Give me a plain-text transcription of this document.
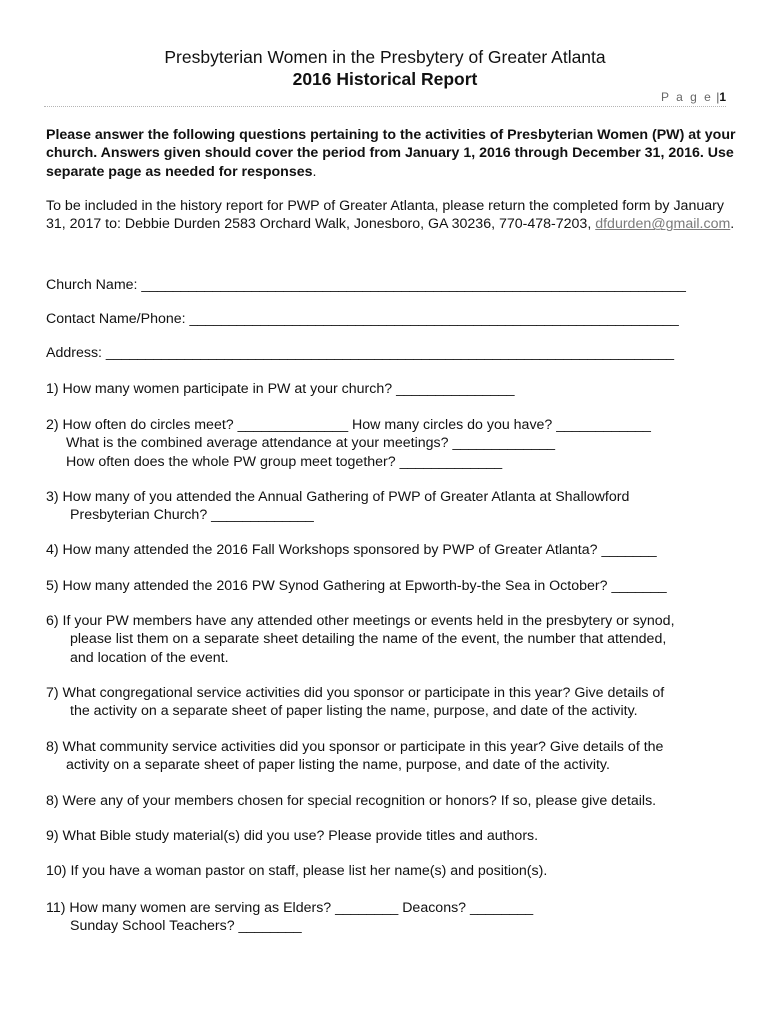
Presbyterian Women in the Presbytery of Greater Atlanta
2016 Historical Report
P a g e |1
Please answer the following questions pertaining to the activities of Presbyterian Women (PW) at your church. Answers given should cover the period from January 1, 2016 through December 31, 2016. Use separate page as needed for responses.
To be included in the history report for PWP of Greater Atlanta, please return the completed form by January 31, 2017 to: Debbie Durden 2583 Orchard Walk, Jonesboro, GA 30236, 770-478-7203, dfdurden@gmail.com.
Church Name: _____________________________________________________________________
Contact Name/Phone: ______________________________________________________________
Address: ________________________________________________________________________
1) How many women participate in PW at your church? _______________
2) How often do circles meet? ______________ How many circles do you have? ____________
What is the combined average attendance at your meetings? _____________
How often does the whole PW group meet together? _____________
3) How many of you attended the Annual Gathering of PWP of Greater Atlanta at Shallowford
Presbyterian Church? _____________
4) How many attended the 2016 Fall Workshops sponsored by PWP of Greater Atlanta? _______
5) How many attended the 2016 PW Synod Gathering at Epworth-by-the Sea in October? _______
6) If your PW members have any attended other meetings or events held in the presbytery or synod,
please list them on a separate sheet detailing the name of the event, the number that attended,
and location of the event.
7) What congregational service activities did you sponsor or participate in this year? Give details of
the activity on a separate sheet of paper listing the name, purpose, and date of the activity.
8) What community service activities did you sponsor or participate in this year? Give details of the
activity on a separate sheet of paper listing the name, purpose, and date of the activity.
8) Were any of your members chosen for special recognition or honors? If so, please give details.
9) What Bible study material(s) did you use? Please provide titles and authors.
10) If you have a woman pastor on staff, please list her name(s) and position(s).
11) How many women are serving as Elders? ________ Deacons? ________
Sunday School Teachers? ________
